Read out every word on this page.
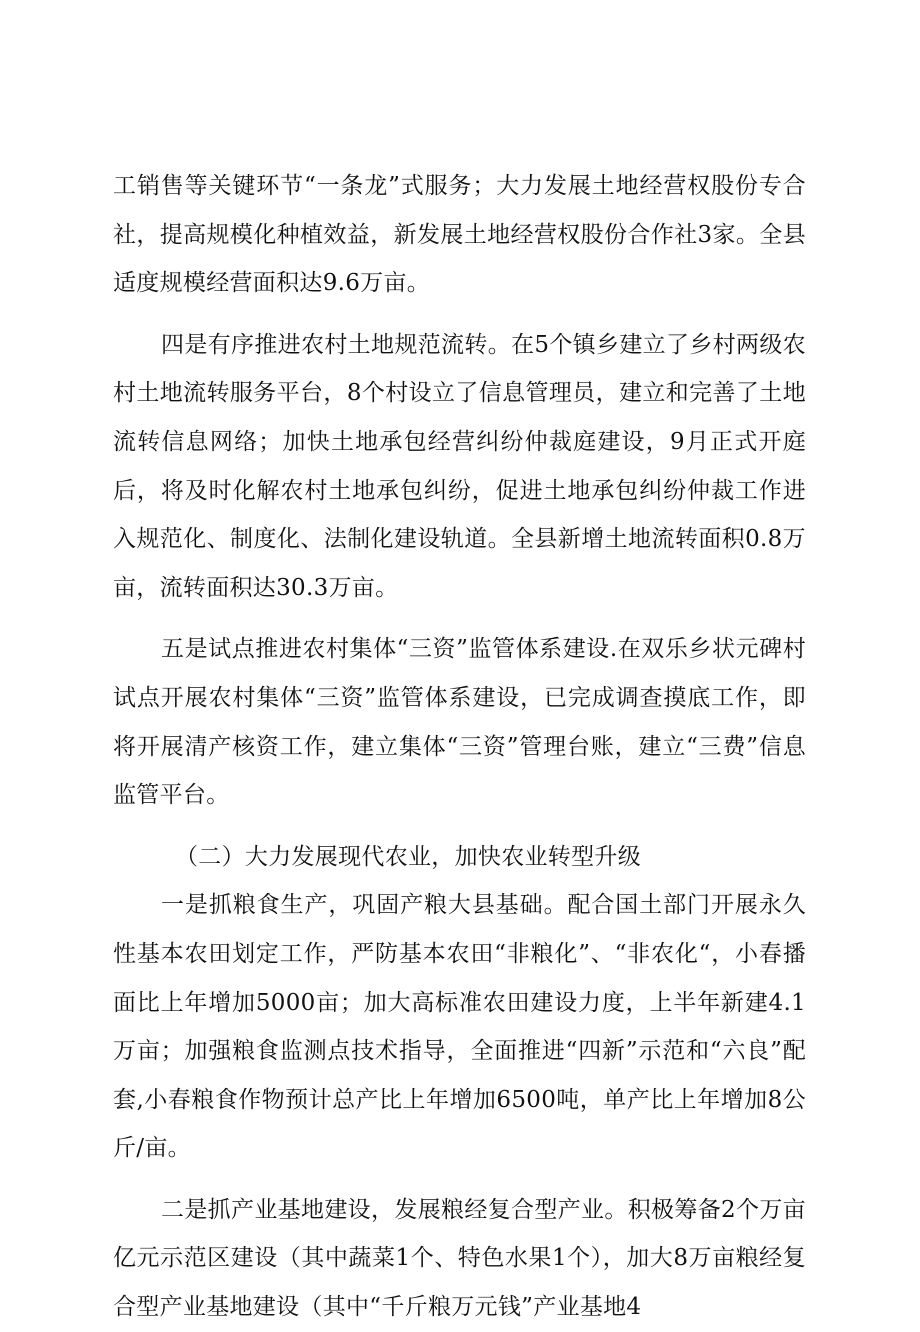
工销售等关键环节“一条龙”式服务；大力发展土地经营权股份专合社，提高规模化种植效益，新发展土地经营权股份合作社3家。全县适度规模经营面积达9.6万亩。

四是有序推进农村土地规范流转。在5个镇乡建立了乡村两级农村土地流转服务平台，8个村设立了信息管理员，建立和完善了土地流转信息网络；加快土地承包经营纠纷仲裁庭建设，9月正式开庭后，将及时化解农村土地承包纠纷，促进土地承包纠纷仲裁工作进入规范化、制度化、法制化建设轨道。全县新增土地流转面积0.8万亩，流转面积达30.3万亩。

五是试点推进农村集体“三资”监管体系建设.在双乐乡状元碑村试点开展农村集体“三资”监管体系建设，已完成调查摸底工作，即将开展清产核资工作，建立集体“三资”管理台账，建立“三费”信息监管平台。

（二）大力发展现代农业，加快农业转型升级

一是抓粮食生产，巩固产粮大县基础。配合国土部门开展永久性基本农田划定工作，严防基本农田“非粮化”、“非农化“，小春播面比上年增加5000亩；加大高标准农田建设力度，上半年新建4.1万亩；加强粮食监测点技术指导，全面推进“四新”示范和“六良”配套,小春粮食作物预计总产比上年增加6500吨，单产比上年增加8公斤/亩。

二是抓产业基地建设，发展粮经复合型产业。积极筹备2个万亩亿元示范区建设（其中蔬菜1个、特色水果1个），加大8万亩粮经复合型产业基地建设（其中“千斤粮万元钱”产业基地4
